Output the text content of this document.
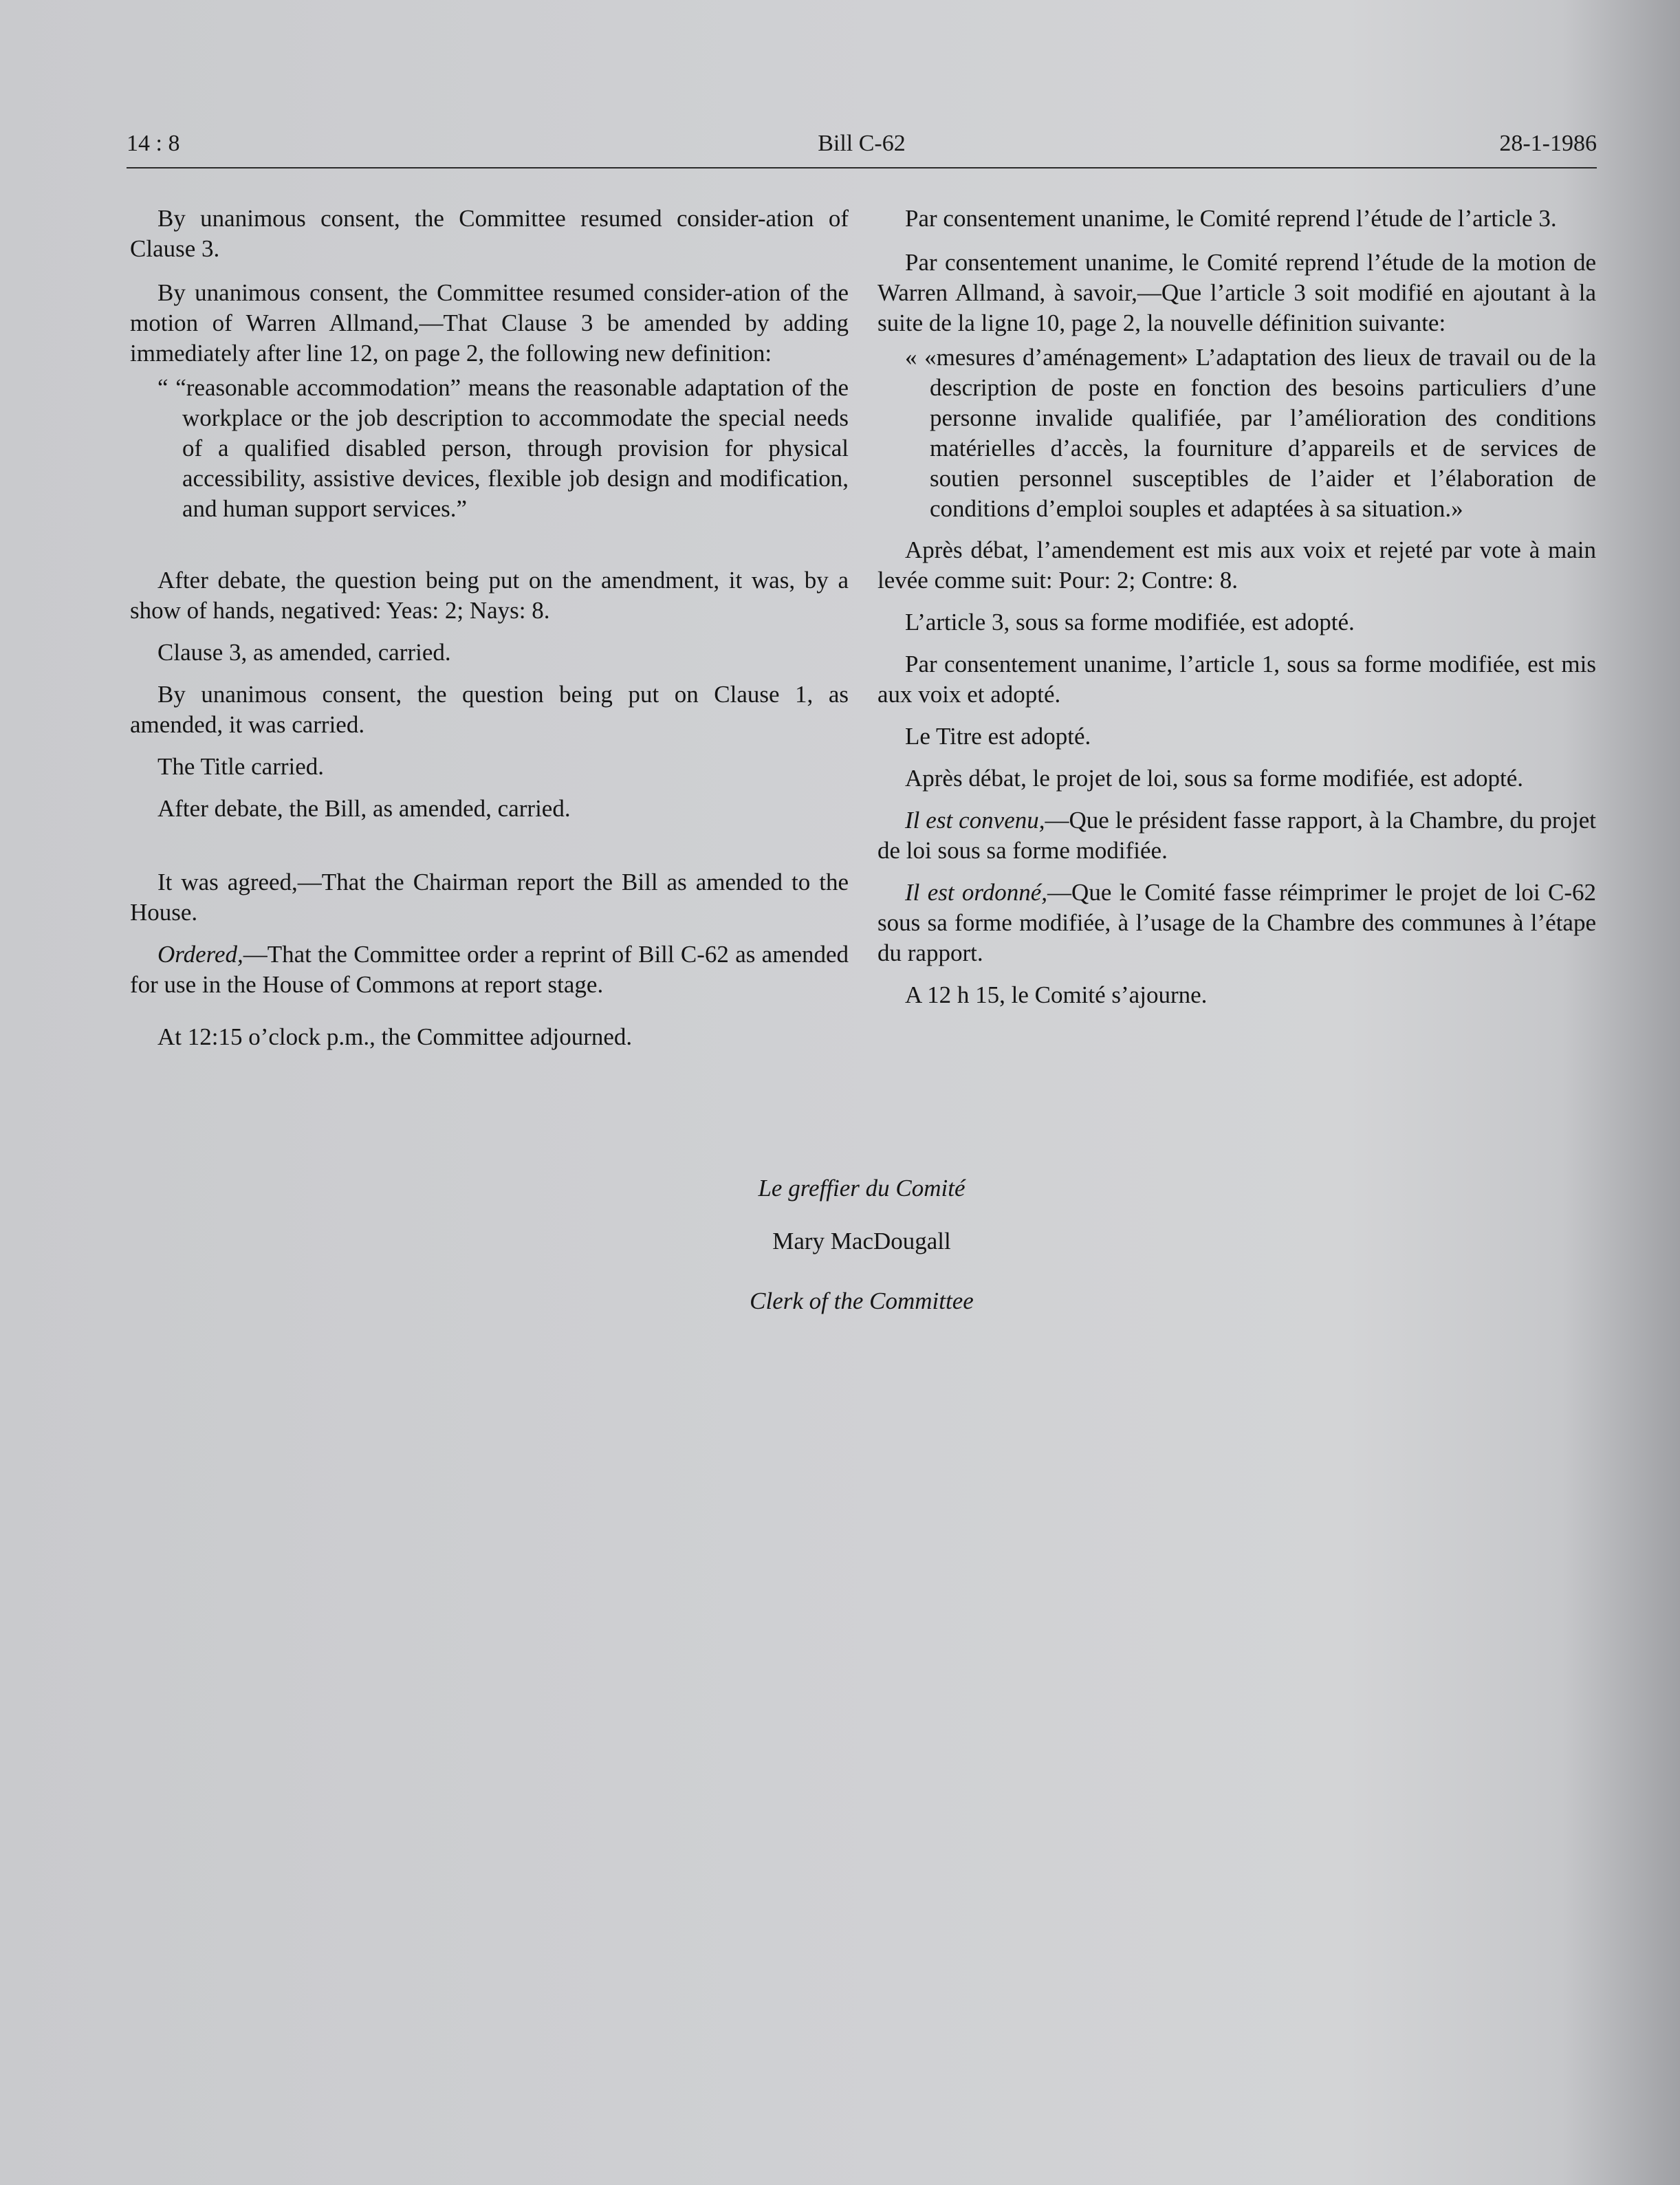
14 : 8	Bill C-62	28-1-1986

By unanimous consent, the Committee resumed consider-ation of Clause 3.

By unanimous consent, the Committee resumed consider-ation of the motion of Warren Allmand,—That Clause 3 be amended by adding immediately after line 12, on page 2, the following new definition:

“ “reasonable accommodation” means the reasonable adaptation of the workplace or the job description to accommodate the special needs of a qualified disabled person, through provision for physical accessibility, assistive devices, flexible job design and modification, and human support services.”

After debate, the question being put on the amendment, it was, by a show of hands, negatived: Yeas: 2; Nays: 8.

Clause 3, as amended, carried.

By unanimous consent, the question being put on Clause 1, as amended, it was carried.

The Title carried.

After debate, the Bill, as amended, carried.

It was agreed,—That the Chairman report the Bill as amended to the House.

Ordered,—That the Committee order a reprint of Bill C-62 as amended for use in the House of Commons at report stage.

At 12:15 o’clock p.m., the Committee adjourned.

Par consentement unanime, le Comité reprend l’étude de l’article 3.

Par consentement unanime, le Comité reprend l’étude de la motion de Warren Allmand, à savoir,—Que l’article 3 soit modifié en ajoutant à la suite de la ligne 10, page 2, la nouvelle définition suivante:

« «mesures d’aménagement» L’adaptation des lieux de travail ou de la description de poste en fonction des besoins particuliers d’une personne invalide qualifiée, par l’amélioration des conditions matérielles d’accès, la fourniture d’appareils et de services de soutien personnel susceptibles de l’aider et l’élaboration de conditions d’emploi souples et adaptées à sa situation.»

Après débat, l’amendement est mis aux voix et rejeté par vote à main levée comme suit: Pour: 2; Contre: 8.

L’article 3, sous sa forme modifiée, est adopté.

Par consentement unanime, l’article 1, sous sa forme modifiée, est mis aux voix et adopté.

Le Titre est adopté.

Après débat, le projet de loi, sous sa forme modifiée, est adopté.

Il est convenu,—Que le président fasse rapport, à la Chambre, du projet de loi sous sa forme modifiée.

Il est ordonné,—Que le Comité fasse réimprimer le projet de loi C-62 sous sa forme modifiée, à l’usage de la Chambre des communes à l’étape du rapport.

A 12 h 15, le Comité s’ajourne.

Le greffier du Comité
Mary MacDougall
Clerk of the Committee
